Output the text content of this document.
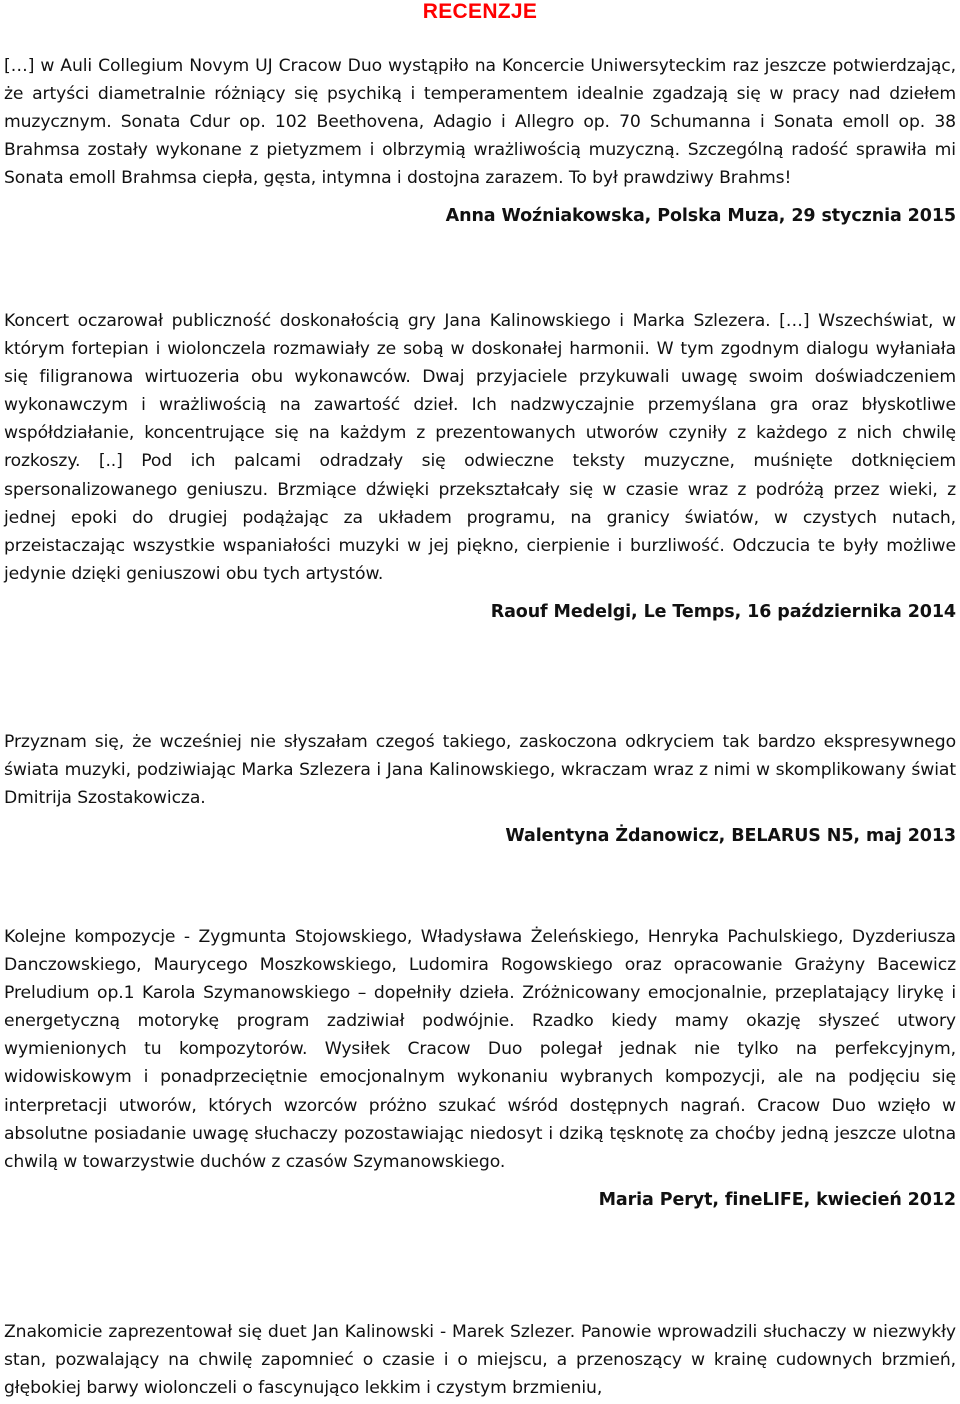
RECENZJE

[…] w Auli Collegium Novym UJ Cracow Duo wystąpiło na Koncercie Uniwersyteckim raz jeszcze potwierdzając, że artyści diametralnie różniący się psychiką i temperamentem idealnie zgadzają się w pracy nad dziełem muzycznym. Sonata Cdur op. 102 Beethovena, Adagio i Allegro op. 70 Schumanna i Sonata emoll op. 38 Brahmsa zostały wykonane z pietyzmem i olbrzymią wrażliwością muzyczną. Szczególną radość sprawiła mi Sonata emoll Brahmsa ciepła, gęsta, intymna i dostojna zarazem. To był prawdziwy Brahms!

Anna Woźniakowska, Polska Muza, 29 stycznia 2015

Koncert oczarował publiczność doskonałością gry Jana Kalinowskiego i Marka Szlezera. […] Wszechświat, w którym fortepian i wiolonczela rozmawiały ze sobą w doskonałej harmonii. W tym zgodnym dialogu wyłaniała się filigranowa wirtuozeria obu wykonawców. Dwaj przyjaciele przykuwali uwagę swoim doświadczeniem wykonawczym i wrażliwością na zawartość dzieł. Ich nadzwyczajnie przemyślana gra oraz błyskotliwe współdziałanie, koncentrujące się na każdym z prezentowanych utworów czyniły z każdego z nich chwilę rozkoszy. [..] Pod ich palcami odradzały się odwieczne teksty muzyczne, muśnięte dotknięciem spersonalizowanego geniuszu. Brzmiące dźwięki przekształcały się w czasie wraz z podróżą przez wieki, z jednej epoki do drugiej podążając za układem programu, na granicy światów, w czystych nutach, przeistaczając wszystkie wspaniałości muzyki w jej piękno, cierpienie i burzliwość. Odczucia te były możliwe jedynie dzięki geniuszowi obu tych artystów.

Raouf Medelgi, Le Temps, 16 października 2014

Przyznam się, że wcześniej nie słyszałam czegoś takiego, zaskoczona odkryciem tak bardzo ekspresywnego świata muzyki, podziwiając Marka Szlezera i Jana Kalinowskiego, wkraczam wraz z nimi w skomplikowany świat Dmitrija Szostakowicza.

Walentyna Żdanowicz, BELARUS N5, maj 2013

Kolejne kompozycje - Zygmunta Stojowskiego, Władysława Żeleńskiego, Henryka Pachulskiego, Dyzderiusza Danczowskiego, Maurycego Moszkowskiego, Ludomira Rogowskiego oraz opracowanie Grażyny Bacewicz Preludium op.1 Karola Szymanowskiego – dopełniły dzieła. Zróżnicowany emocjonalnie, przeplatający lirykę i energetyczną motorykę program zadziwiał podwójnie. Rzadko kiedy mamy okazję słyszeć utwory wymienionych tu kompozytorów. Wysiłek Cracow Duo polegał jednak nie tylko na perfekcyjnym, widowiskowym i ponadprzeciętnie emocjonalnym wykonaniu wybranych kompozycji, ale na podjęciu się interpretacji utworów, których wzorców próżno szukać wśród dostępnych nagrań. Cracow Duo wzięło w absolutne posiadanie uwagę słuchaczy pozostawiając niedosyt i dziką tęsknotę za choćby jedną jeszcze ulotna chwilą w towarzystwie duchów z czasów Szymanowskiego.

Maria Peryt, fineLIFE, kwiecień 2012

Znakomicie zaprezentował się duet Jan Kalinowski - Marek Szlezer. Panowie wprowadzili słuchaczy w niezwykły stan, pozwalający na chwilę zapomnieć o czasie i o miejscu, a przenoszący w krainę cudownych brzmień, głębokiej barwy wiolonczeli o fascynująco lekkim i czystym brzmieniu,
